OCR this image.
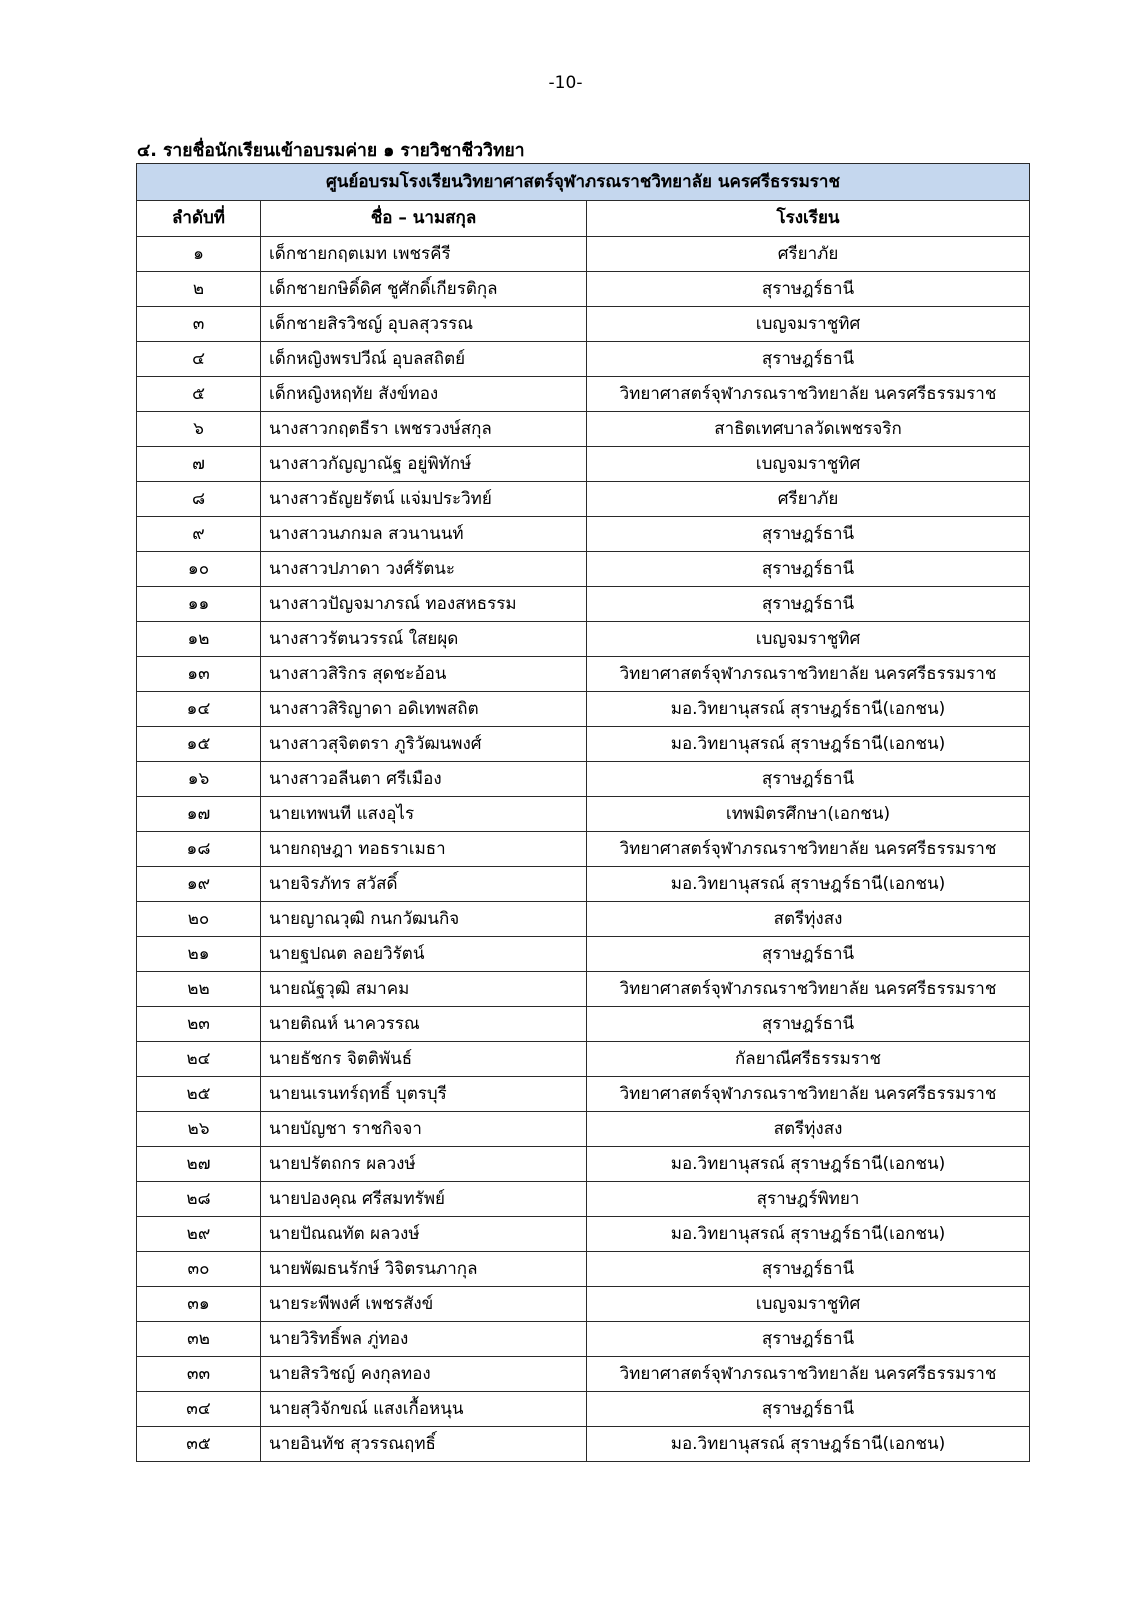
-10-
๔. รายชื่อนักเรียนเข้าอบรมค่าย ๑ รายวิชาชีววิทยา
ศูนย์อบรมโรงเรียนวิทยาศาสตร์จุฬาภรณราชวิทยาลัย นครศรีธรรมราช		
ลำดับที่	ชื่อ – นามสกุล	โรงเรียน
๑	เด็กชายกฤตเมท เพชรคีรี	ศรียาภัย
๒	เด็กชายกษิดิ์ดิศ ชูศักดิ์เกียรติกุล	สุราษฎร์ธานี
๓	เด็กชายสิรวิชญ์ อุบลสุวรรณ	เบญจมราชูทิศ
๔	เด็กหญิงพรปวีณ์ อุบลสถิตย์	สุราษฎร์ธานี
๕	เด็กหญิงหฤทัย สังข์ทอง	วิทยาศาสตร์จุฬาภรณราชวิทยาลัย นครศรีธรรมราช
๖	นางสาวกฤตธีรา เพชรวงษ์สกุล	สาธิตเทศบาลวัดเพชรจริก
๗	นางสาวกัญญาณัฐ อยู่พิทักษ์	เบญจมราชูทิศ
๘	นางสาวธัญยรัตน์ แจ่มประวิทย์	ศรียาภัย
๙	นางสาวนภกมล สวนานนท์	สุราษฎร์ธานี
๑๐	นางสาวปภาดา วงศ์รัตนะ	สุราษฎร์ธานี
๑๑	นางสาวปัญจมาภรณ์ ทองสหธรรม	สุราษฎร์ธานี
๑๒	นางสาวรัตนวรรณ์ ใสยผุด	เบญจมราชูทิศ
๑๓	นางสาวสิริกร สุดชะอ้อน	วิทยาศาสตร์จุฬาภรณราชวิทยาลัย นครศรีธรรมราช
๑๔	นางสาวสิริญาดา อดิเทพสถิต	มอ.วิทยานุสรณ์ สุราษฎร์ธานี(เอกชน)
๑๕	นางสาวสุจิตตรา ภูริวัฒนพงศ์	มอ.วิทยานุสรณ์ สุราษฎร์ธานี(เอกชน)
๑๖	นางสาวอลีนตา ศรีเมือง	สุราษฎร์ธานี
๑๗	นายเทพนที แสงอุไร	เทพมิตรศึกษา(เอกชน)
๑๘	นายกฤษฎา ทอธราเมธา	วิทยาศาสตร์จุฬาภรณราชวิทยาลัย นครศรีธรรมราช
๑๙	นายจิรภัทร สวัสดิ์	มอ.วิทยานุสรณ์ สุราษฎร์ธานี(เอกชน)
๒๐	นายญาณวุฒิ กนกวัฒนกิจ	สตรีทุ่งสง
๒๑	นายฐปณต ลอยวิรัตน์	สุราษฎร์ธานี
๒๒	นายณัฐวุฒิ สมาคม	วิทยาศาสตร์จุฬาภรณราชวิทยาลัย นครศรีธรรมราช
๒๓	นายติณห์ นาควรรณ	สุราษฎร์ธานี
๒๔	นายธัชกร จิตติพันธ์	กัลยาณีศรีธรรมราช
๒๕	นายนเรนทร์ฤทธิ์ บุตรบุรี	วิทยาศาสตร์จุฬาภรณราชวิทยาลัย นครศรีธรรมราช
๒๖	นายบัญชา ราชกิจจา	สตรีทุ่งสง
๒๗	นายปรัตถกร ผลวงษ์	มอ.วิทยานุสรณ์ สุราษฎร์ธานี(เอกชน)
๒๘	นายปองคุณ ศรีสมทรัพย์	สุราษฎร์พิทยา
๒๙	นายปัณณทัต ผลวงษ์	มอ.วิทยานุสรณ์ สุราษฎร์ธานี(เอกชน)
๓๐	นายพัฒธนรักษ์ วิจิตรนภากุล	สุราษฎร์ธานี
๓๑	นายระพีพงศ์ เพชรสังข์	เบญจมราชูทิศ
๓๒	นายวิริทธิ์พล ภู่ทอง	สุราษฎร์ธานี
๓๓	นายสิรวิชญ์ คงกุลทอง	วิทยาศาสตร์จุฬาภรณราชวิทยาลัย นครศรีธรรมราช
๓๔	นายสุวิจักขณ์ แสงเกื้อหนุน	สุราษฎร์ธานี
๓๕	นายอินทัช สุวรรณฤทธิ์	มอ.วิทยานุสรณ์ สุราษฎร์ธานี(เอกชน)
